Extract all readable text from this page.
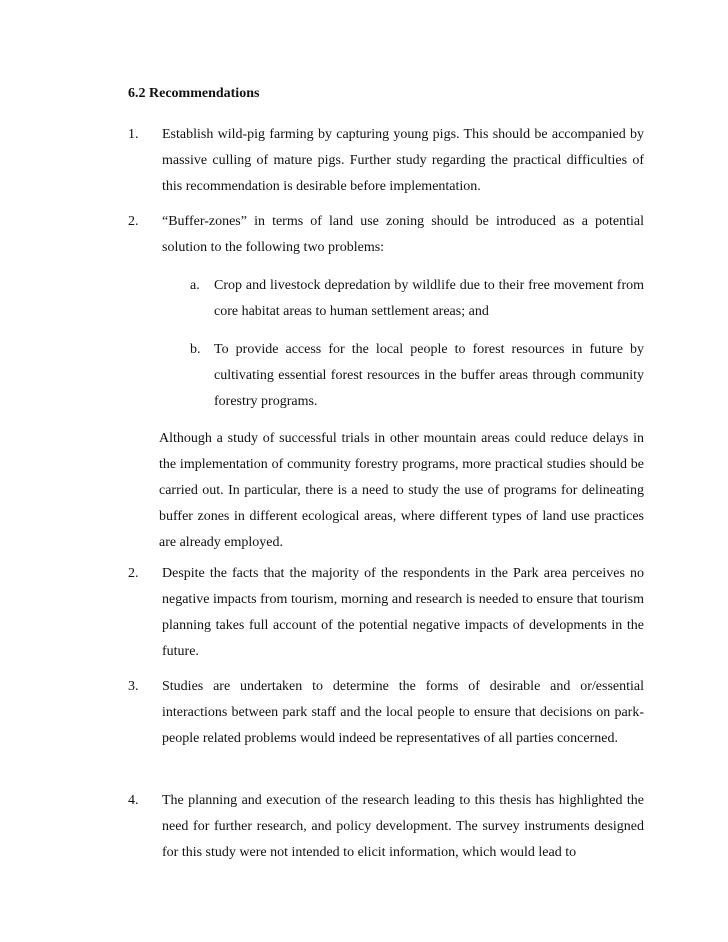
6.2 Recommendations
1. Establish wild-pig farming by capturing young pigs. This should be accompanied by massive culling of mature pigs. Further study regarding the practical difficulties of this recommendation is desirable before implementation.
2. “Buffer-zones” in terms of land use zoning should be introduced as a potential solution to the following two problems:
a. Crop and livestock depredation by wildlife due to their free movement from core habitat areas to human settlement areas; and
b. To provide access for the local people to forest resources in future by cultivating essential forest resources in the buffer areas through community forestry programs.
Although a study of successful trials in other mountain areas could reduce delays in the implementation of community forestry programs, more practical studies should be carried out. In particular, there is a need to study the use of programs for delineating buffer zones in different ecological areas, where different types of land use practices are already employed.
2. Despite the facts that the majority of the respondents in the Park area perceives no negative impacts from tourism, morning and research is needed to ensure that tourism planning takes full account of the potential negative impacts of developments in the future.
3. Studies are undertaken to determine the forms of desirable and or/essential interactions between park staff and the local people to ensure that decisions on park-people related problems would indeed be representatives of all parties concerned.
4. The planning and execution of the research leading to this thesis has highlighted the need for further research, and policy development. The survey instruments designed for this study were not intended to elicit information, which would lead to
